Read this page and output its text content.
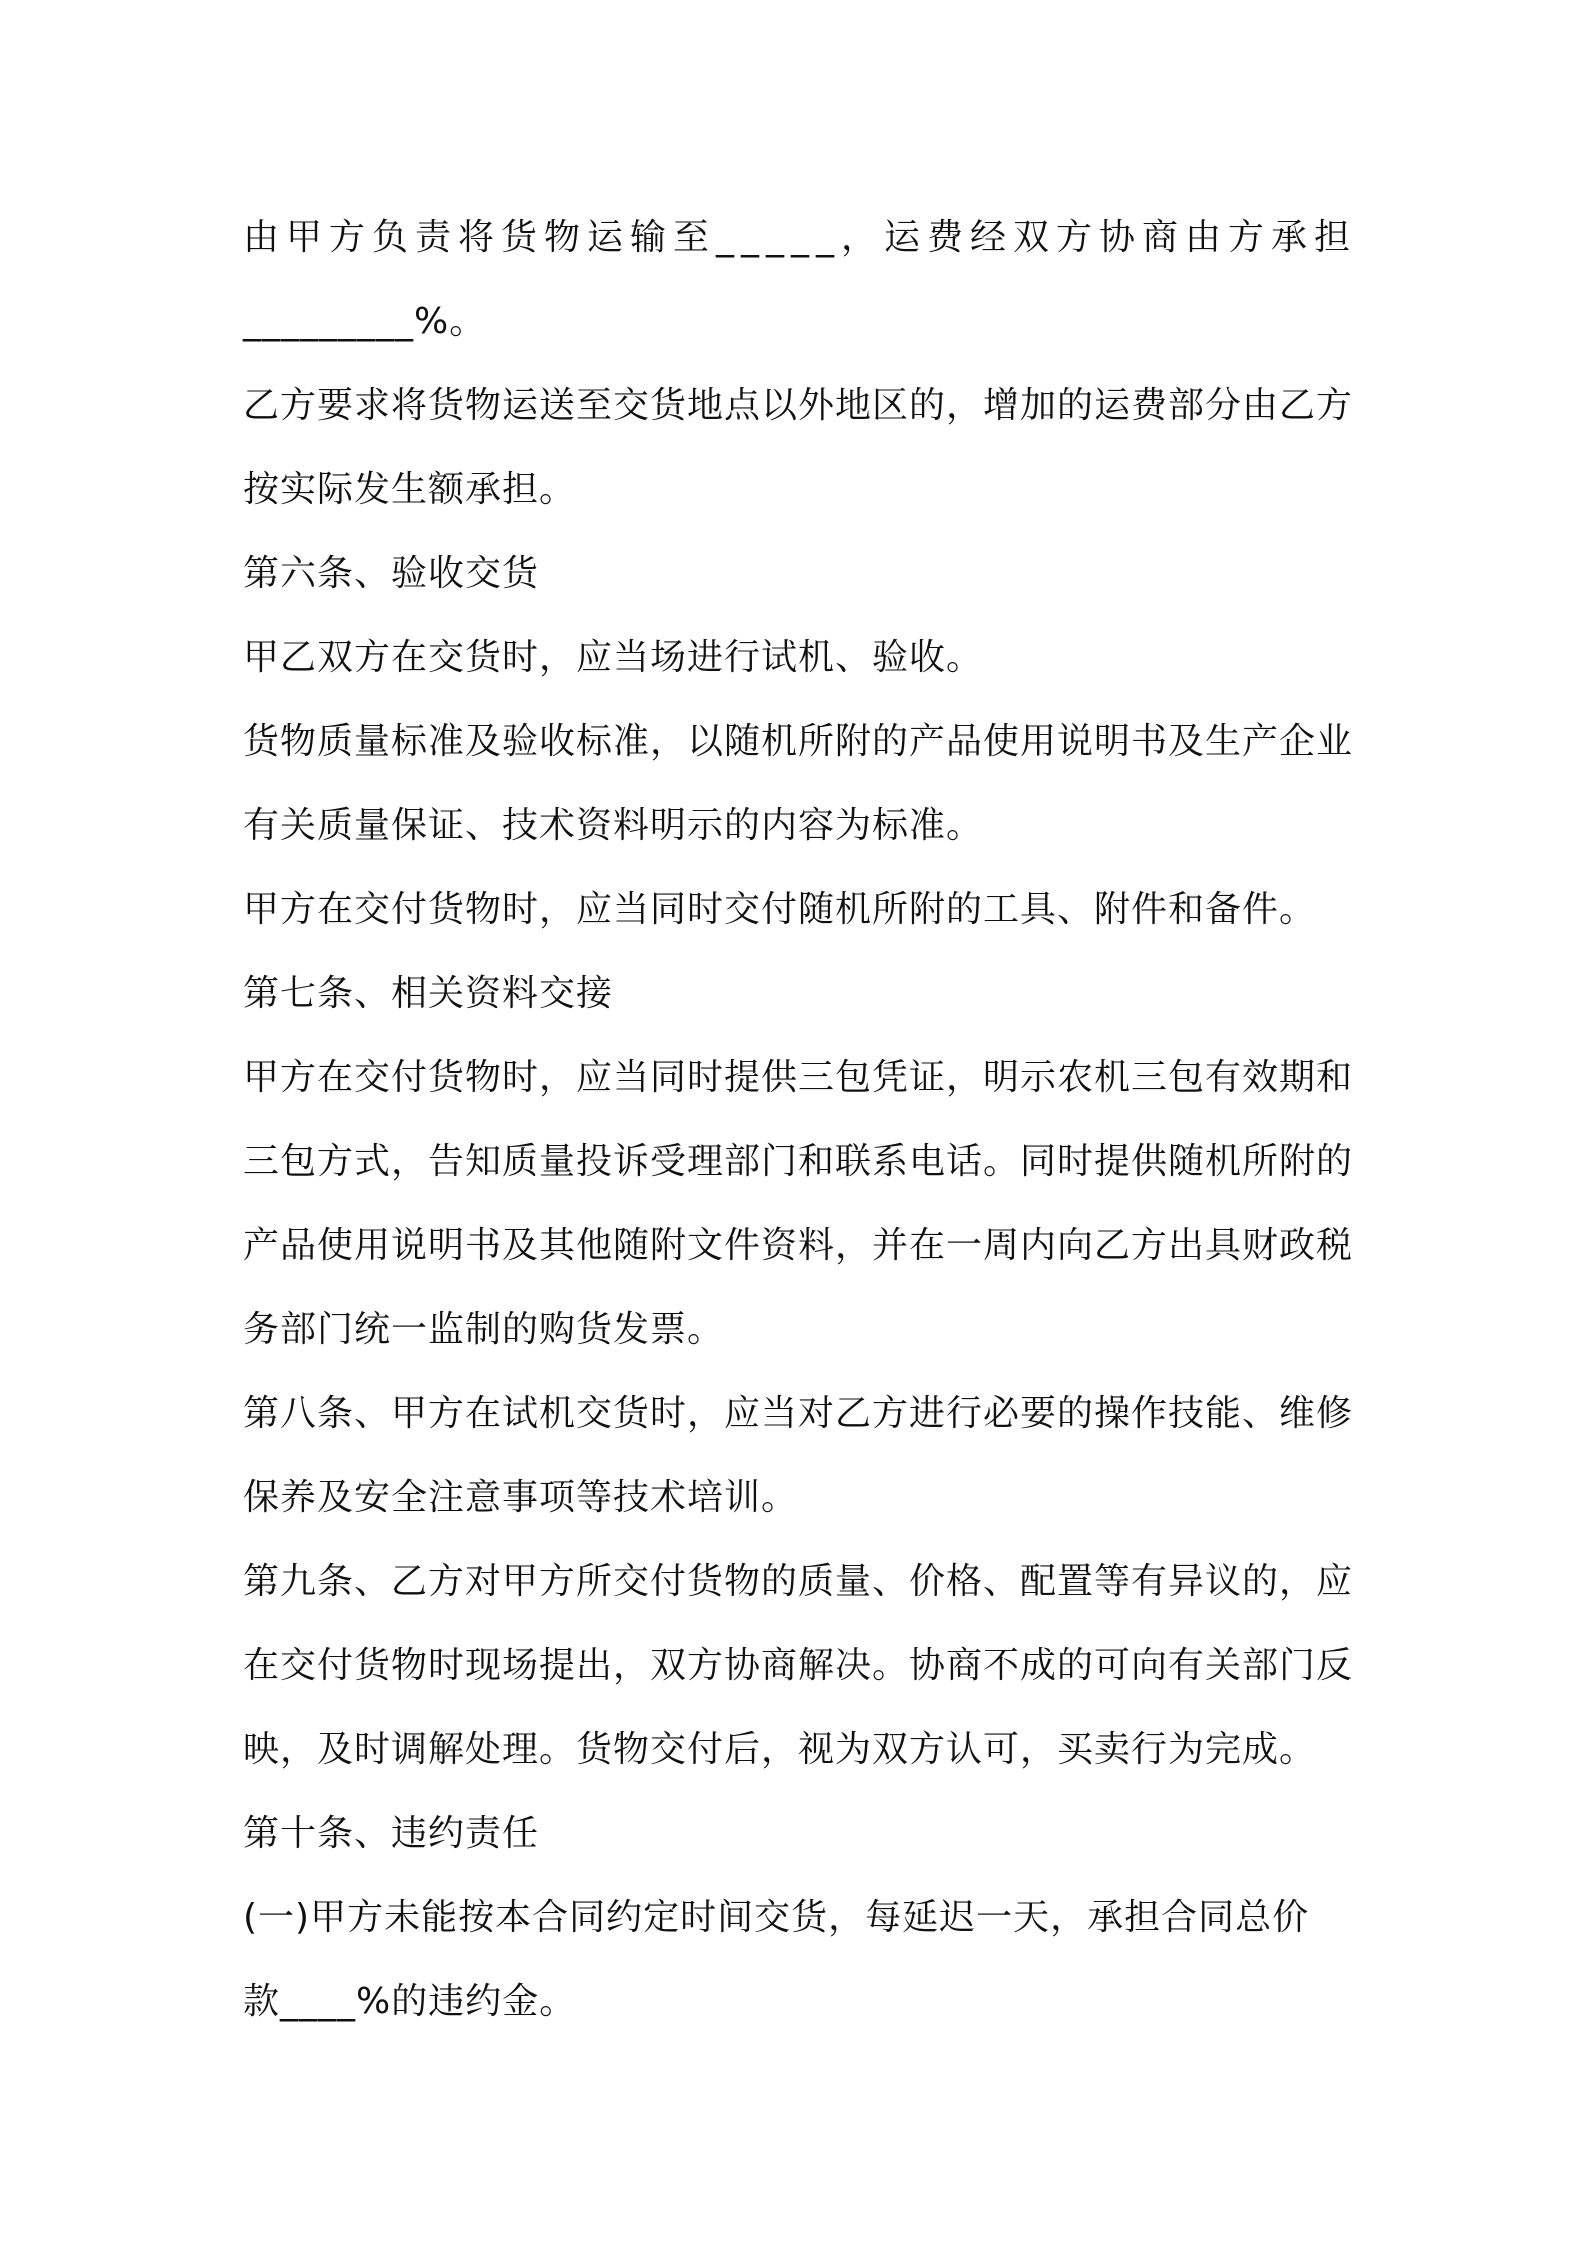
由甲方负责将货物运输至_____，运费经双方协商由方承担
_________%。
乙方要求将货物运送至交货地点以外地区的，增加的运费部分由乙方
按实际发生额承担。
第六条、验收交货
甲乙双方在交货时，应当场进行试机、验收。
货物质量标准及验收标准，以随机所附的产品使用说明书及生产企业
有关质量保证、技术资料明示的内容为标准。
甲方在交付货物时，应当同时交付随机所附的工具、附件和备件。
第七条、相关资料交接
甲方在交付货物时，应当同时提供三包凭证，明示农机三包有效期和
三包方式，告知质量投诉受理部门和联系电话。同时提供随机所附的
产品使用说明书及其他随附文件资料，并在一周内向乙方出具财政税
务部门统一监制的购货发票。
第八条、甲方在试机交货时，应当对乙方进行必要的操作技能、维修
保养及安全注意事项等技术培训。
第九条、乙方对甲方所交付货物的质量、价格、配置等有异议的，应
在交付货物时现场提出，双方协商解决。协商不成的可向有关部门反
映，及时调解处理。货物交付后，视为双方认可，买卖行为完成。
第十条、违约责任
(一)甲方未能按本合同约定时间交货，每延迟一天，承担合同总价
款____%的违约金。
